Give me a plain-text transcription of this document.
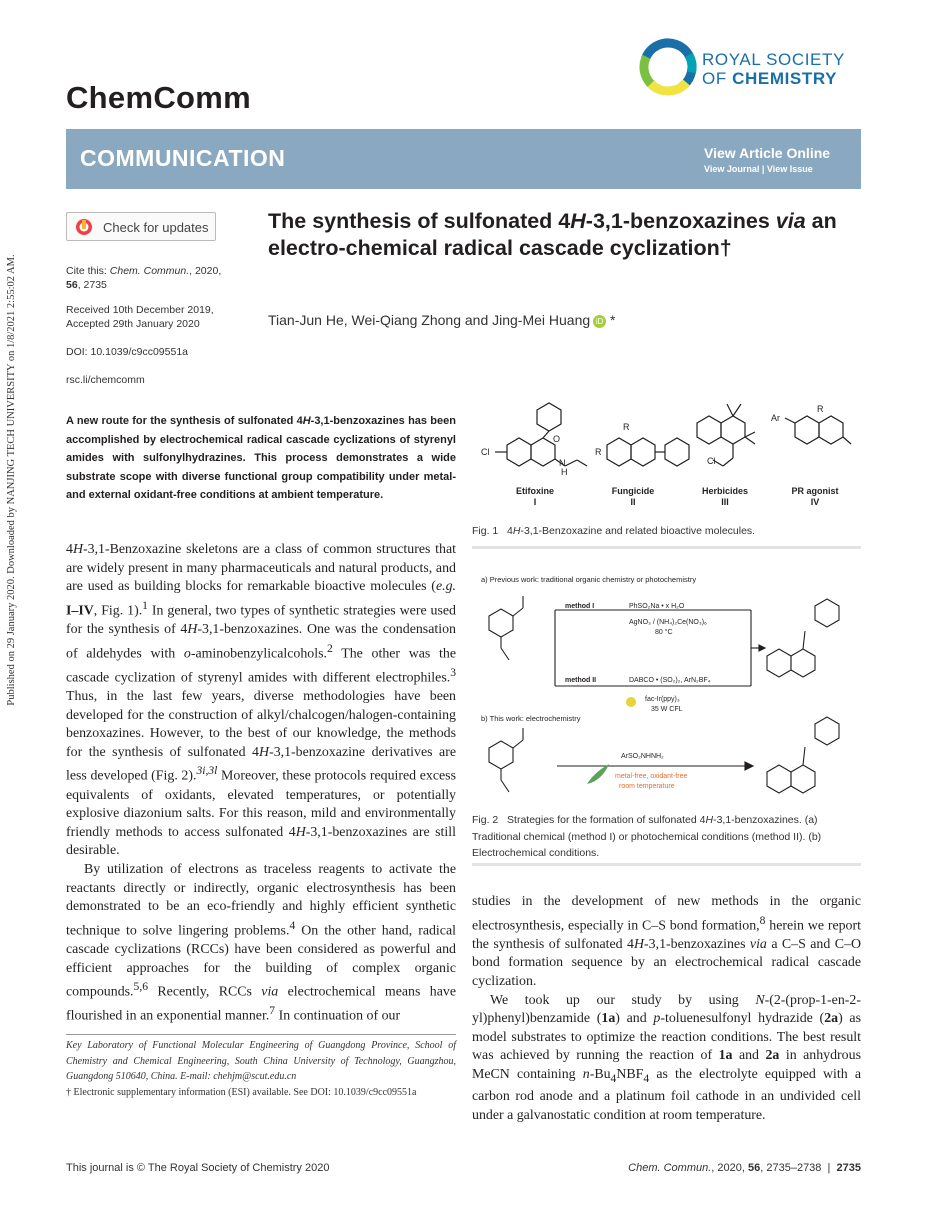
Published on 29 January 2020. Downloaded by NANJING TECH UNIVERSITY on 1/8/2021 2:55:02 AM.
ChemComm
ROYAL SOCIETY
OF CHEMISTRY
COMMUNICATION	View Article Online
View Journal | View Issue
Check for updates
Cite this: Chem. Commun., 2020,
56, 2735
Received 10th December 2019,
Accepted 29th January 2020
DOI: 10.1039/c9cc09551a
rsc.li/chemcomm
The synthesis of sulfonated 4H-3,1-benzoxazines via an electro-chemical radical cascade cyclization†
Tian-Jun He, Wei-Qiang Zhong and Jing-Mei Huang iD *
A new route for the synthesis of sulfonated 4H-3,1-benzoxazines has been accomplished by electrochemical radical cascade cyclizations of styrenyl amides with sulfonylhydrazines. This process demonstrates a wide substrate scope with diverse functional group compatibility under metal- and external oxidant-free conditions at ambient temperature.

4H-3,1-Benzoxazine skeletons are a class of common structures that are widely present in many pharmaceuticals and natural products, and are used as building blocks for remarkable bioactive molecules (e.g. I–IV, Fig. 1).$^1$ In general, two types of synthetic strategies were used for the synthesis of 4H-3,1-benzoxazines. One was the condensation of aldehydes with o-aminobenzylicalcohols.$^2$ The other was the cascade cyclization of styrenyl amides with different electrophiles.$^3$ Thus, in the last few years, diverse methodologies have been developed for the construction of alkyl/chalcogen/halogen-containing benzoxazines. However, to the best of our knowledge, the methods for the synthesis of sulfonated 4H-3,1-benzoxazine derivatives are less developed (Fig. 2).$^{3i,3l}$ Moreover, these protocols required excess equivalents of oxidants, elevated temperatures, or potentially explosive diazonium salts. For this reason, mild and environmentally friendly methods to access sulfonated 4H-3,1-benzoxazines are still desirable.

By utilization of electrons as traceless reagents to activate the reactants directly or indirectly, organic electrosynthesis has been demonstrated to be an eco-friendly and highly efficient synthetic technique to solve lingering problems.$^4$ On the other hand, radical cascade cyclizations (RCCs) have been considered as powerful and efficient approaches for the building of complex organic compounds.$^{5,6}$ Recently, RCCs via electrochemical means have flourished in an exponential manner.$^7$ In continuation of our

Cl
N
H
O
R
R
Ar
R
Cl
Etifoxine
I
Fungicide
II
Herbicides
III
PR agonist
IV
Fig. 1 4H-3,1-Benzoxazine and related bioactive molecules.
a) Previous work: traditional organic chemistry or photochemistry
method I	PhSO₂Na • x H₂O
AgNO₃ / (NH₄)₂Ce(NO₃)₆
80 °C
method II	DABCO • (SO₂)₂, ArN₂BF₄
fac-Ir(ppy)₃
35 W CFL
b) This work: electrochemistry
ArSO₂NHNH₂
metal-free, oxidant-free
room temperature
Fig. 2 Strategies for the formation of sulfonated 4H-3,1-benzoxazines. (a) Traditional chemical (method I) or photochemical conditions (method II). (b) Electrochemical conditions.

studies in the development of new methods in the organic electrosynthesis, especially in C–S bond formation,$^8$ herein we report the synthesis of sulfonated 4H-3,1-benzoxazines via a C–S and C–O bond formation sequence by an electrochemical radical cascade cyclization.

We took up our study by using N-(2-(prop-1-en-2-yl)phenyl)benzamide (1a) and p-toluenesulfonyl hydrazide (2a) as model substrates to optimize the reaction conditions. The best result was achieved by running the reaction of 1a and 2a in anhydrous MeCN containing $n-Bu_4NBF_4$ as the electrolyte equipped with a carbon rod anode and a platinum foil cathode in an undivided cell under a galvanostatic condition at room temperature.

Key Laboratory of Functional Molecular Engineering of Guangdong Province, School of Chemistry and Chemical Engineering, South China University of Technology, Guangzhou, Guangdong 510640, China. E-mail: chehjm@scut.edu.cn

† Electronic supplementary information (ESI) available. See DOI: 10.1039/c9cc09551a

This journal is © The Royal Society of Chemistry 2020	Chem. Commun., 2020, 56, 2735–2738  |  2735
